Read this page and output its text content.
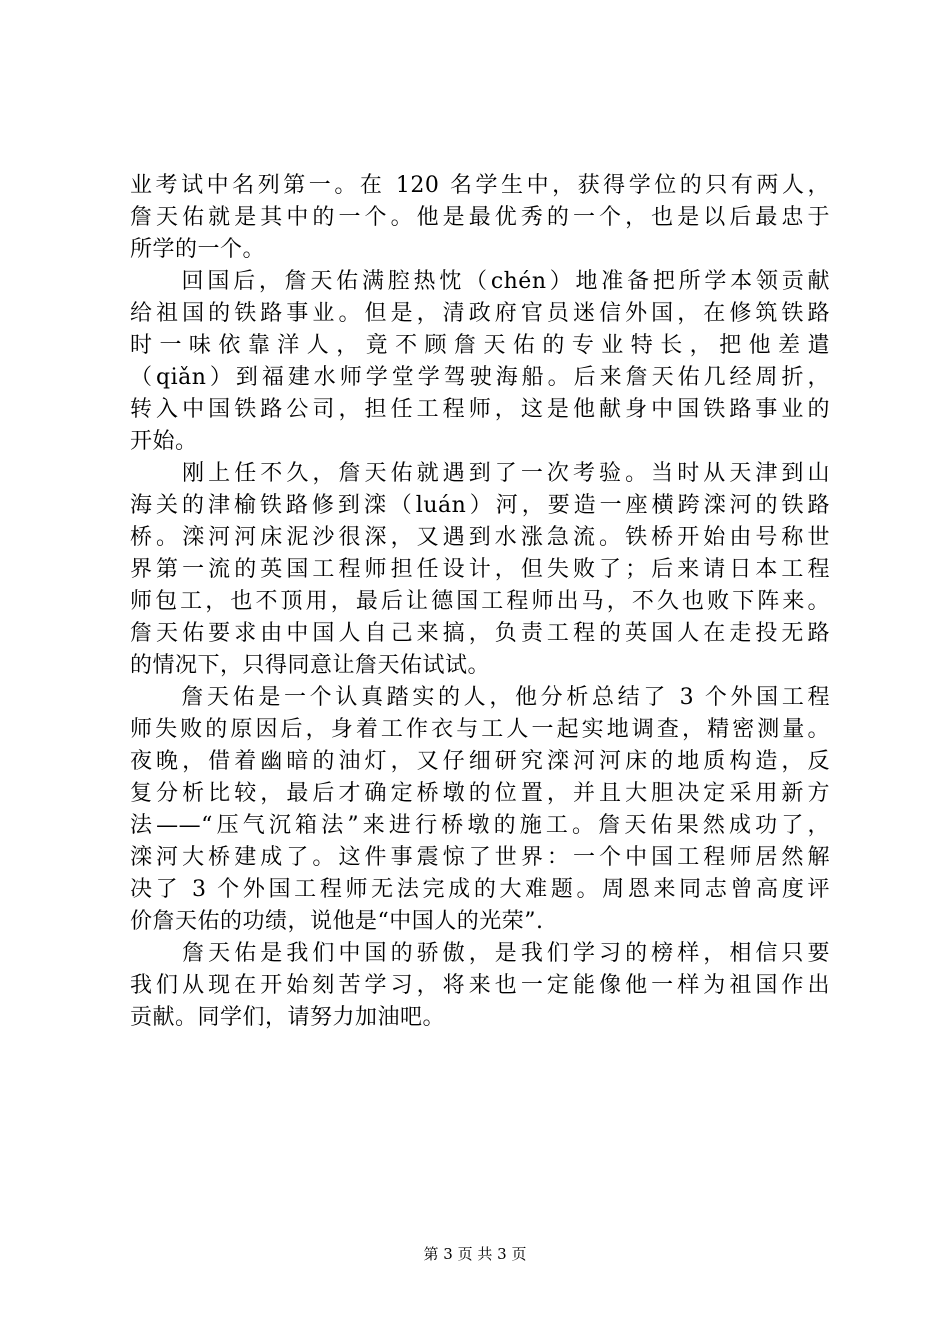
业考试中名列第一。在 120 名学生中，获得学位的只有两人，
詹天佑就是其中的一个。他是最优秀的一个，也是以后最忠于
所学的一个。
　　回国后，詹天佑满腔热忱（chén）地准备把所学本领贡献
给祖国的铁路事业。但是，清政府官员迷信外国，在修筑铁路
时一味依靠洋人，竟不顾詹天佑的专业特长，把他差遣
（qiǎn）到福建水师学堂学驾驶海船。后来詹天佑几经周折，
转入中国铁路公司，担任工程师，这是他献身中国铁路事业的
开始。
　　刚上任不久，詹天佑就遇到了一次考验。当时从天津到山
海关的津榆铁路修到滦（luán）河，要造一座横跨滦河的铁路
桥。滦河河床泥沙很深，又遇到水涨急流。铁桥开始由号称世
界第一流的英国工程师担任设计，但失败了；后来请日本工程
师包工，也不顶用，最后让德国工程师出马，不久也败下阵来。
詹天佑要求由中国人自己来搞，负责工程的英国人在走投无路
的情况下，只得同意让詹天佑试试。
　　詹天佑是一个认真踏实的人，他分析总结了 3 个外国工程
师失败的原因后，身着工作衣与工人一起实地调查，精密测量。
夜晚，借着幽暗的油灯，又仔细研究滦河河床的地质构造，反
复分析比较，最后才确定桥墩的位置，并且大胆决定采用新方
法——“压气沉箱法”来进行桥墩的施工。詹天佑果然成功了，
滦河大桥建成了。这件事震惊了世界：一个中国工程师居然解
决了 3 个外国工程师无法完成的大难题。周恩来同志曾高度评
价詹天佑的功绩，说他是“中国人的光荣”.
　　詹天佑是我们中国的骄傲，是我们学习的榜样，相信只要
我们从现在开始刻苦学习，将来也一定能像他一样为祖国作出
贡献。同学们，请努力加油吧。
第 3 页 共 3 页
